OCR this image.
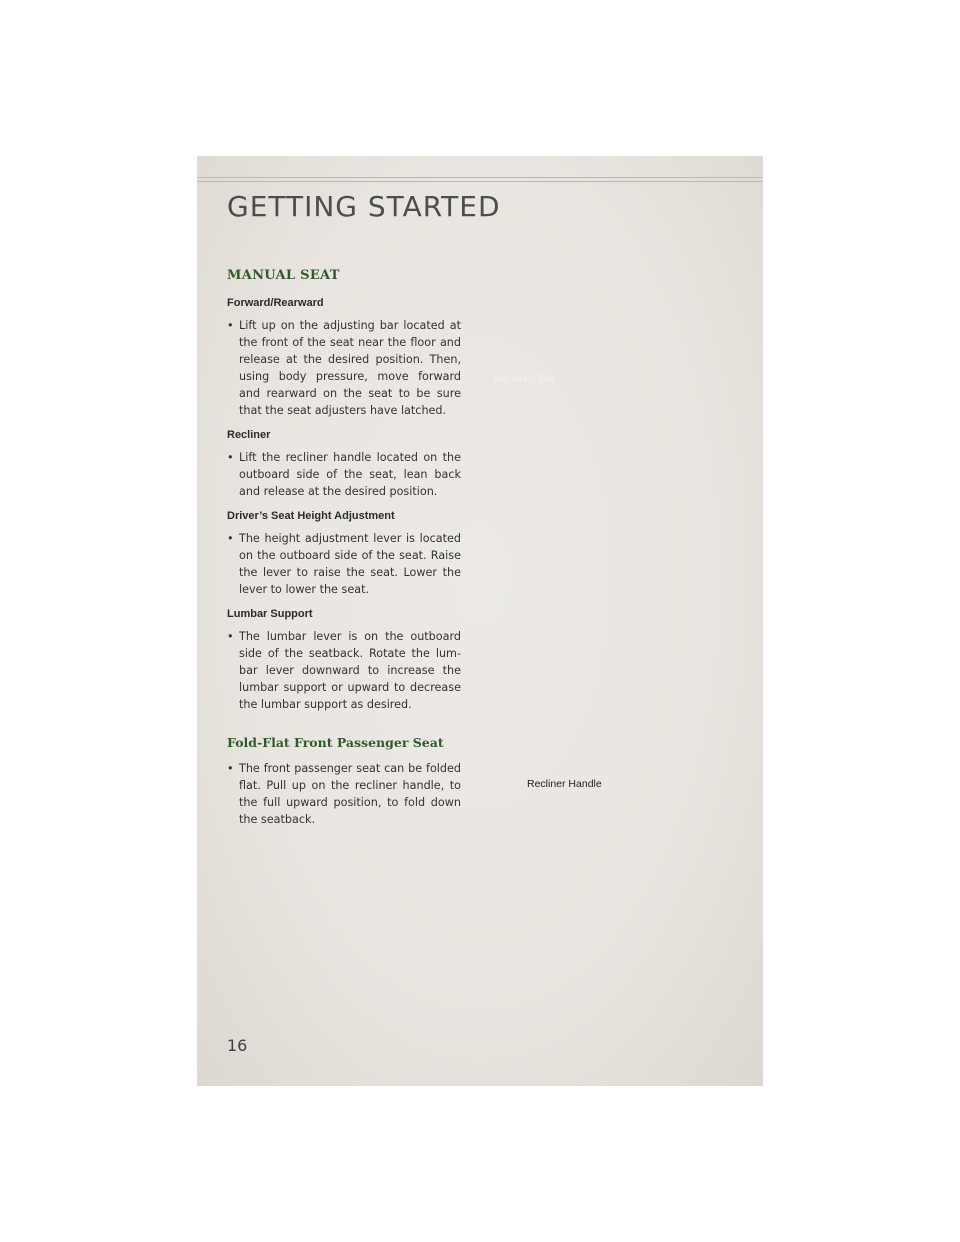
GETTING STARTED
MANUAL SEAT
Forward/Rearward
• Lift up on the adjusting bar located at the front of the seat near the floor and release at the desired position. Then, using body pressure, move forward and rearward on the seat to be sure that the seat adjusters have latched.
Recliner
• Lift the recliner handle located on the outboard side of the seat, lean back and release at the desired position.
Driver’s Seat Height Adjustment
• The height adjustment lever is located on the outboard side of the seat. Raise the lever to raise the seat. Lower the lever to lower the seat.
Lumbar Support
• The lumbar lever is on the outboard side of the seatback. Rotate the lum-bar lever downward to increase the lumbar support or upward to decrease the lumbar support as desired.
Fold-Flat Front Passenger Seat
• The front passenger seat can be folded flat. Pull up on the recliner handle, to the full upward position, to fold down the seatback.
Adjusting Bar
Recliner Handle

16
